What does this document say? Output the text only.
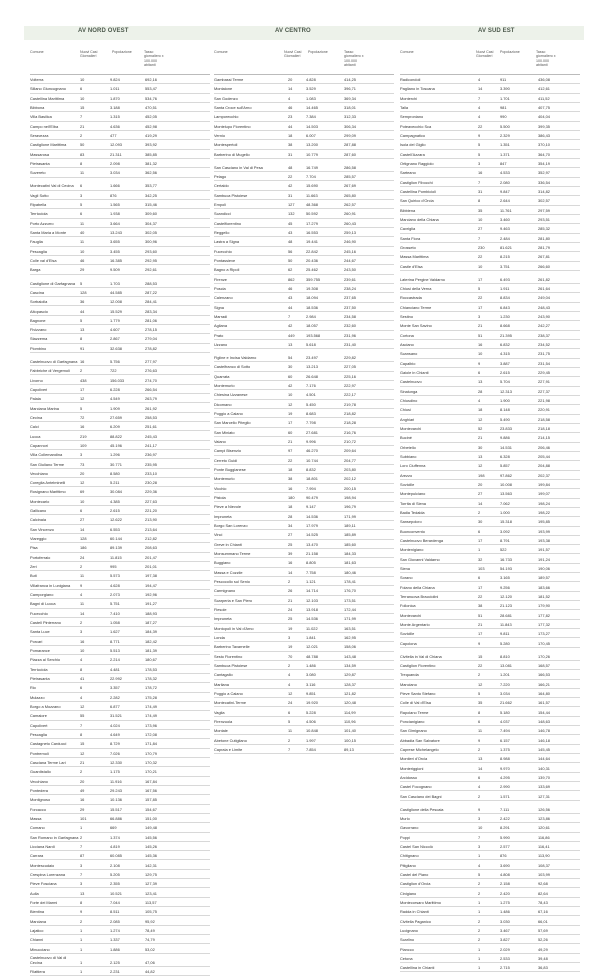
AV NORD OVEST	AV CENTRO	AV SUD EST
Comune	Nuovi Casi
Giornalieri
Popolazione	Tasso
giornaliero x
100.000
abitanti
Volterra	10	9.824	692,16
Sillano Giuncugnano	6	1.011	553,47
Castellina Marittima	10	1.870	534,76
Bibbona	15	3.188	470,51
Villa Basilica	7	1.315	452,05
Campo nell'Elba	21	4.636	452,98
Seravezza	2	477	419,29
Castiglione Marittima	50	12.093	393,92
Massarosa	83	21.311	385,85
Pietrasanta	8	2.098	381,32
Suvereto	11	3.034	362,56
Montecatini Val di Cecina	6	1.666	353,77
Vagli Sotto	3	876	342,25
Ripabella	5	1.565	315,46
Terricciola	6	1.938	309,60
Porto Azzurro	11	3.664	304,37
Santa Maria a Monte	40	13.243	302,05
Fauglia	11	3.655	300,96
Pescaglia	10	3.455	293,60
Colle val d'Elsa	46	16.385	292,95
Barga	29	9.509	292,61
Castiglione di Garfagnana	5	1.703	288,53
Cascina	128	44.585	287,22
Sorbaiolla	36	12.008	284,41
Altopascio	44	15.529	283,34
Bagnone	5	1.779	281,06
Fivizzano	13	4.607	278,15
Stazzema	8	2.867	279,04
Piombino	91	32.638	278,82
Castelnuovo di Garfagnana 16	5.756	277,97
Fabbriche di Vergemoli	2	722	276,63
Livorno	438	156.033	274,70
Capoliveri	17	6.228	266,54
Palaia	12	4.549	263,79
Marciana Marina	5	1.909	261,92
Cecina	72	27.659	258,53
Calci	16	6.209	251,61
Lucca	219	88.822	245,43
Capannori	109	45.196	241,17
Villa Collemandina	3	1.296	236,97
San Giuliano Terme	73	30.771	235,95
Vecchiano	20	8.580	233,10
Coreglia Antelminelli	12	5.211	230,28
Rosignano Marittimo	69	30.084	229,36
Montecarlo	10	4.385	227,63
Gallicano	6	2.615	221,20
Calcinaia	27	12.622	213,90
San Vincenzo	14	6.553	213,64
Viareggio	128	60.144	212,82
Pisa	186	89.139	208,63
Portoferraio	24	11.815	201,47
Zeri	2	995	201,01
Buti	11	5.573	197,38
Villafranca in Lunigiana	9	4.628	194,47
Camporgiano	4	2.073	192,96
Bagni di Lucca	11	5.751	191,27
Fucecchio	14	7.410	188,93
Castell Pinterrano	2	1.058	187,27
Santa Luce	3	1.627	184,39
Porcari	16	8.771	182,42
Pomarance	10	5.513	181,39
Piazza al Serchio	4	2.214	180,67
Terricciola	8	4.481	178,53
Pietrasanta	41	22.992	178,32
Rio	6	3.357	178,72
Mulazzo	4	2.282	175,28
Borgo a Mozzano	12	6.877	174,49
Camaiore	55	31.521	174,49
Capolivert	7	4.024	173,96
Pescaglia	8	4.649	172,08
Castagneto Carducci	15	8.729	171,84
Pontremoli	12	7.026	170,79
Casciana Terme Lari	21	12.330	170,32
Guardistallo	2	1.175	170,21
Vecchiano	20	11.916	167,84
Pontedera	49	29.243	167,56
Montignoso	16	10.136	157,85
Forcacco	29	15.517	154,67
Massa	101	66.886	151,00
Comano	1	669	149,48
San Romano in Garfagnana 2	1.374	145,56
Licciana Nardi	7	4.819	145,26
Carrara	87	60.085	145,36
Montescudaio	3	2.108	142,31
Crespina Lorenzana	7	5.205	129,75
Pieve Fosciana	3	2.355	127,39
Aulla	13	10.521	123,41
Forte dei Marmi	8	7.044	113,57
Bientina	9	8.511	105,75
Marciana	2	2.085	95,92
Lajatico	1	1.274	78,49
Chianni	1	1.337	74,79
Minucciano	1	1.886	53,02
Castelnuovo di Val di Cecina	1	2.125	47,06
Filattiera	1	2.231	44,82
Comune	Nuovi Casi
Giornalieri
Popolazione	Tasso
giornaliero x
100.000
abitanti
Gambassi Terme	20	4.828	414,25
Montaione	14	3.529	396,71
San Godenzo	4	1.083	369,34
Santa Croce sull'Arno	46	14.465	318,01
Lamporecchio	23	7.384	312,33
Montelupo Fiorentino	44	14.503	306,34
Vernio	18	6.007	299,09
Montespertoli	38	13.200	287,88
Barberino di Mugello	31	10.779	287,60
San Casciano in Val di Pesa	48	16.749	286,58
Pelago	22	7.704	285,57
Certaldo	42	15.690	267,69
Sambuca Pistoiese	31	11.663	265,80
Empoli	127	48.368	262,57
Scandicci	132	50.592	260,91
Castelfiorentino	45	17.279	260,43
Reggello	43	16.553	259,13
Lastra a Signa	48	19.441	246,90
Fucecchio	56	22.842	245,16
Pontassieve	50	20.436	244,67
Bagno a Ripoli	62	25.462	243,50
Firenze	862	359.755	239,61
Poscia	46	19.308	238,24
Calenzano	43	18.094	237,65
Signa	44	18.536	237,50
Marradi	7	2.984	234,58
Agliana	42	18.057	232,60
Prato	449	193.568	231,96
Uzzano	13	5.618	231,40
Figline e Incisa Valdarno	54	23.497	229,82
Castelfranco di Sotto	30	13.213	227,05
Quarrata	60	26.648	225,16
Montemurlo	42	7.176	222,97
Chiesina Uzzanese	10	4.501	222,17
Dicomano	12	5.450	219,78
Poggio a Caiano	19	8.683	218,82
San Marcello Piteglio	17	7.798	218,28
San Miniato	60	27.681	216,76
Vaiano	21	9.996	210,72
Campi Bisenzio	97	46.270	209,64
Cerreto Guidi	22	10.744	204,77
Ponte Buggianese	18	8.832	203,80
Montemurlo	38	18.801	202,12
Vicchio	16	7.994	200,15
Pistoia	180	90.479	198,94
Pieve a Nievole	18	9.147	196,79
Impruneta	28	14.536	171,99
Borgo San Lorenzo	34	17.979	189,11
Vinci	27	14.525	185,89
Greve in Chianti	25	13.470	185,60
Monsummano Terme	39	21.158	184,33
Buggiano	16	8.805	181,63
Massa e Cozzile	14	7.758	180,46
Pescocollo sul Senio	2	1.121	178,41
Carmignano	26	14.714	176,70
Scarperia e San Piero	21	12.103	173,51
Fiesole	24	13.918	172,44
Impruneta	25	14.536	171,99
Montopoli in Val d'Arno	19	11.022	163,51
Londa	3	1.841	162,95
Barberino Tavarnelle	19	12.021	158,06
Sesto Fiorentino	70	48.788	143,48
Sambuca Pistoiese	2	1.486	134,59
Cantagallo	4	3.080	129,87
Marliana	4	3.116	128,37
Poggio a Caiano	12	9.851	121,82
Montecatini-Terme	24	19.920	120,48
Vaglia	6	5.228	114,99
Firenzuola	5	4.506	110,96
Montale	11	10.848	101,40
Abetone Cutigliano	2	1.997	100,15
Capraia e Limite	7	7.854	89,13
Comune	Nuovi Casi
Giornalieri
Popolazione	Tasso
giornaliero x
100.000
abitanti
Radicondoli	4	911	436,08
Pagliano in Toscana	14	3.390	412,61
Monterchi	7	1.701	411,52
Talla	4	981	407,75
Semproniano	4	990	404,04
Poteavecchio Sca	22	5.500	399,35
Campagnatico	9	2.329	386,43
Isola del Giglio	5	1.351	370,10
Castell'Azzara	5	1.371	364,70
Ortignano Raggiolo	3	847	354,19
Sarteano	16	4.533	352,97
Castiglion Fibocchi	7	2.080	336,54
Castellina Pombicioli	31	9.847	314,82
San Quirico d'Orcia	8	2.644	302,57
Bibbiena	35	11.761	297,59
Marciano della Chiana	10	3.460	293,51
Cavriglia	27	9.463	285,32
Santa Fiora	7	2.484	281,80
Grosseto	230	81.621	281,79
Massa Marittima	22	8.215	267,81
Castle d'Elsa	10	3.751	266,60
Laterina Pergine Valdarno	17	6.493	261,82
Chiusi della Verna	5	1.911	261,64
Roccastrada	22	8.834	249,04
Chianciano Terme	17	6.843	248,43
Sestino	3	1.230	243,90
Monte San Savino	21	8.668	242,27
Cortona	51	21.395	238,37
Asciano	16	6.832	234,52
Scansano	10	4.315	231,75
Capalbio	9	3.887	231,54
Gaiole in Chianti	6	2.615	229,45
Castelnuovo	13	5.704	227,91
Sinalunga	28	12.313	227,37
Chiusdino	4	1.900	221,98
Chiusi	18	8.148	220,91
Anghiari	12	5.490	218,58
Montevarchi	52	23.833	218,18
Buciné	21	9.886	214,15
Orbetello	30	14.531	206,46
Subbiano	13	6.328	205,44
Loro Ciuffenna	12	5.857	204,88
Arezzo	198	97.862	202,37
Sovicille	20	10.008	199,84
Montepulciano	27	13.563	199,07
Torrita di Siena	14	7.062	198,24
Badia Tedalda	2	1.000	198,22
Sansepolcro	30	15.318	195,85
Buonconvento	6	3.092	193,99
Castelnuovo Berardenga	17	8.791	193,38
Montenigiano	1	522	191,57
San Giovanni Valdarno	32	16.733	191,24
Siena	103	54.193	190,06
Sorano	6	3.165	189,57
Foiano della Chiana	17	9.256	183,66
Terranuova Bracciolini	22	12.120	181,52
Follonica	38	21.123	179,90
Montevarchi	51	28.681	177,82
Monte Argentario	21	11.843	177,32
Sovicille	17	9.811	173,27
Capolona	9	5.280	170,45
Civitella in Val di Chiana	15	8.810	170,26
Castiglion Fiorentino	22	13.081	168,57
Trequanda	2	1.201	166,53
Manciano	12	7.220	166,21
Pieve Santo Stefano	5	3.034	164,80
Colle di Val d'Elsa	35	21.662	161,57
Rapolano Terme	8	5.180	154,44
Poncianigiano	6	4.037	148,63
San Gimignano	11	7.494	146,78
Abbadia San Salvatore	9	6.157	146,18
Caprese Michelangelo	2	1.375	145,45
Montieri d'Orcia	13	8.988	144,64
Monteriggioni	14	9.970	140,31
Arcidosso	6	4.295	139,70
Castel Focognano	4	2.990	133,69
San Casciano dei Bagni	2	1.571	127,31
Castiglione della Pescaia	9	7.111	126,56
Murlo	3	2.422	123,86
Gavorrano	10	8.291	120,61
Poppi	7	5.990	116,86
Castel San Niccolò	3	2.577	116,41
Chitignano	1	876	113,90
Pitigliano	4	3.690	108,37
Castel del Piano	5	4.808	103,99
Castiglion d'Orcia	2	2.158	92,68
Cinigiano	2	2.420	82,64
Montecorsaro Marittimo	1	1.275	78,43
Radda in Chianti	1	1.486	67,16
Civitella Paganico	2	3.030	66,01
Lucignano	2	3.467	57,69
Scarlino	2	3.827	52,26
Piancco	1	2.029	49,29
Cetona	1	2.533	39,48
Castellina in Chianti	1	2.715	36,83
